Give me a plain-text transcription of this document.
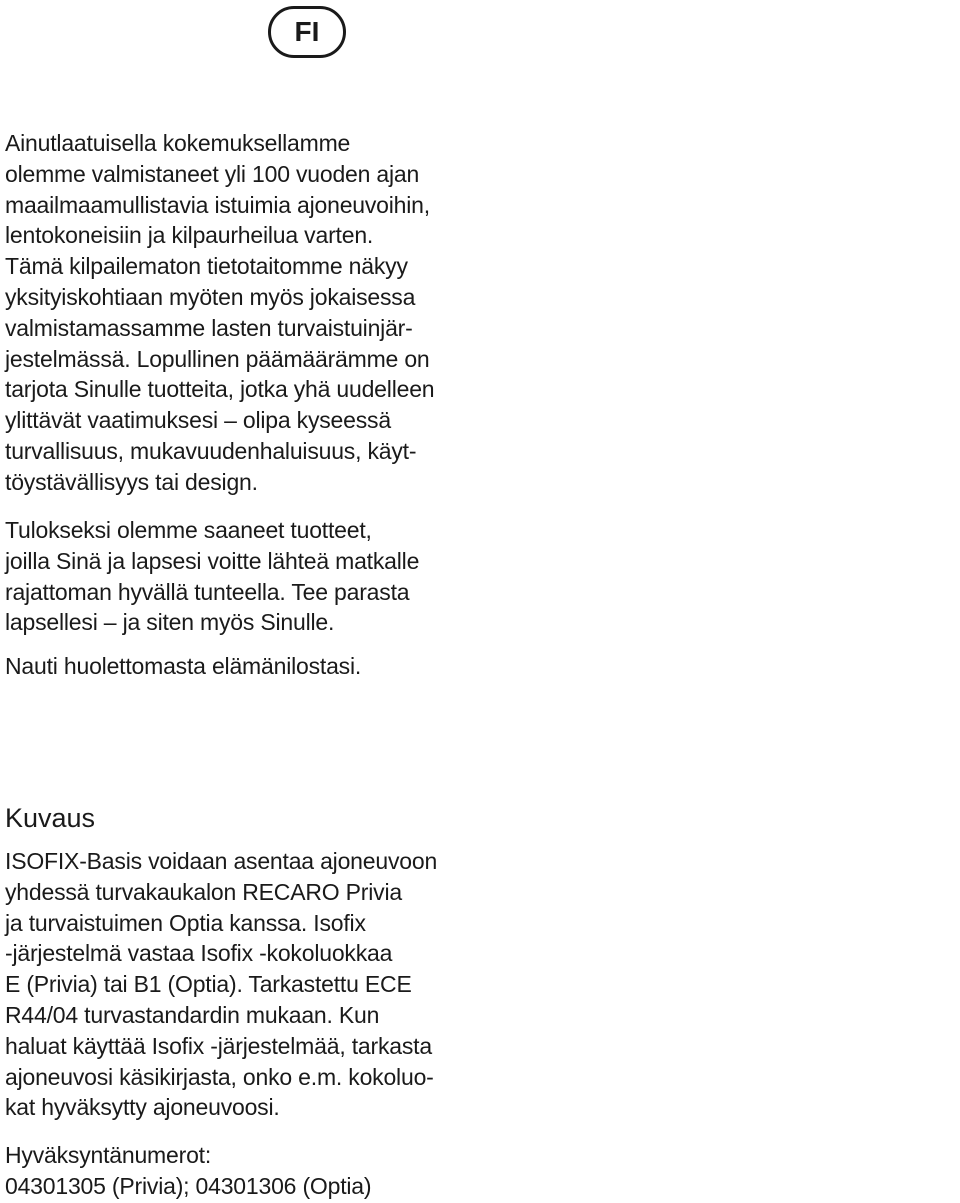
FI
Ainutlaatuisella kokemuksellamme
olemme valmistaneet yli 100 vuoden ajan
maailmaamullistavia istuimia ajoneuvoihin,
lentokoneisiin ja kilpaurheilua varten.
Tämä kilpailematon tietotaitomme näkyy
yksityiskohtiaan myöten myös jokaisessa
valmistamassamme lasten turvaistuinjär-
jestelmässä. Lopullinen päämäärämme on
tarjota Sinulle tuotteita, jotka yhä uudelleen
ylittävät vaatimuksesi – olipa kyseessä
turvallisuus, mukavuudenhaluisuus, käyt-
töystävällisyys tai design.
Tulokseksi olemme saaneet tuotteet,
joilla Sinä ja lapsesi voitte lähteä matkalle
rajattoman hyvällä tunteella. Tee parasta
lapsellesi – ja siten myös Sinulle.
Nauti huolettomasta elämänilostasi.
Kuvaus
ISOFIX-Basis voidaan asentaa ajoneuvoon
yhdessä turvakaukalon RECARO Privia
ja turvaistuimen Optia kanssa. Isofix
-järjestelmä vastaa Isofix -kokoluokkaa
E (Privia) tai B1 (Optia). Tarkastettu ECE
R44/04 turvastandardin mukaan. Kun
haluat käyttää Isofix -järjestelmää, tarkasta
ajoneuvosi käsikirjasta, onko e.m. kokoluo-
kat hyväksytty ajoneuvoosi.
Hyväksyntänumerot:
04301305 (Privia); 04301306 (Optia)
